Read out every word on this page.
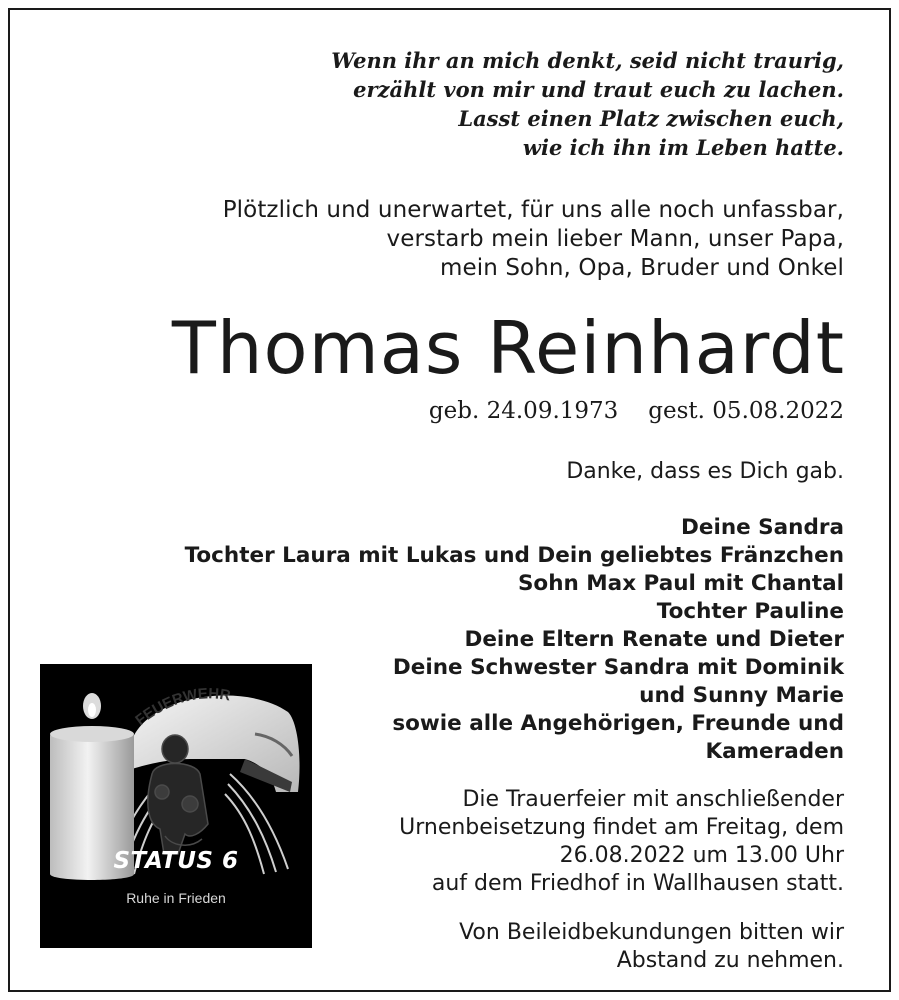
Wenn ihr an mich denkt, seid nicht traurig,
erzählt von mir und traut euch zu lachen.
Lasst einen Platz zwischen euch,
wie ich ihn im Leben hatte.
Plötzlich und unerwartet, für uns alle noch unfassbar,
verstarb mein lieber Mann, unser Papa,
mein Sohn, Opa, Bruder und Onkel
Thomas Reinhardt
geb. 24.09.1973 gest. 05.08.2022
Danke, dass es Dich gab.
Deine Sandra
Tochter Laura mit Lukas und Dein geliebtes Fränzchen
Sohn Max Paul mit Chantal
Tochter Pauline
Deine Eltern Renate und Dieter
Deine Schwester Sandra mit Dominik
und Sunny Marie
sowie alle Angehörigen, Freunde und
Kameraden
Die Trauerfeier mit anschließender
Urnenbeisetzung findet am Freitag, dem
26.08.2022 um 13.00 Uhr
auf dem Friedhof in Wallhausen statt.
Von Beileidbekundungen bitten wir
Abstand zu nehmen.
FEUERWEHR
STATUS 6
Ruhe in Frieden
